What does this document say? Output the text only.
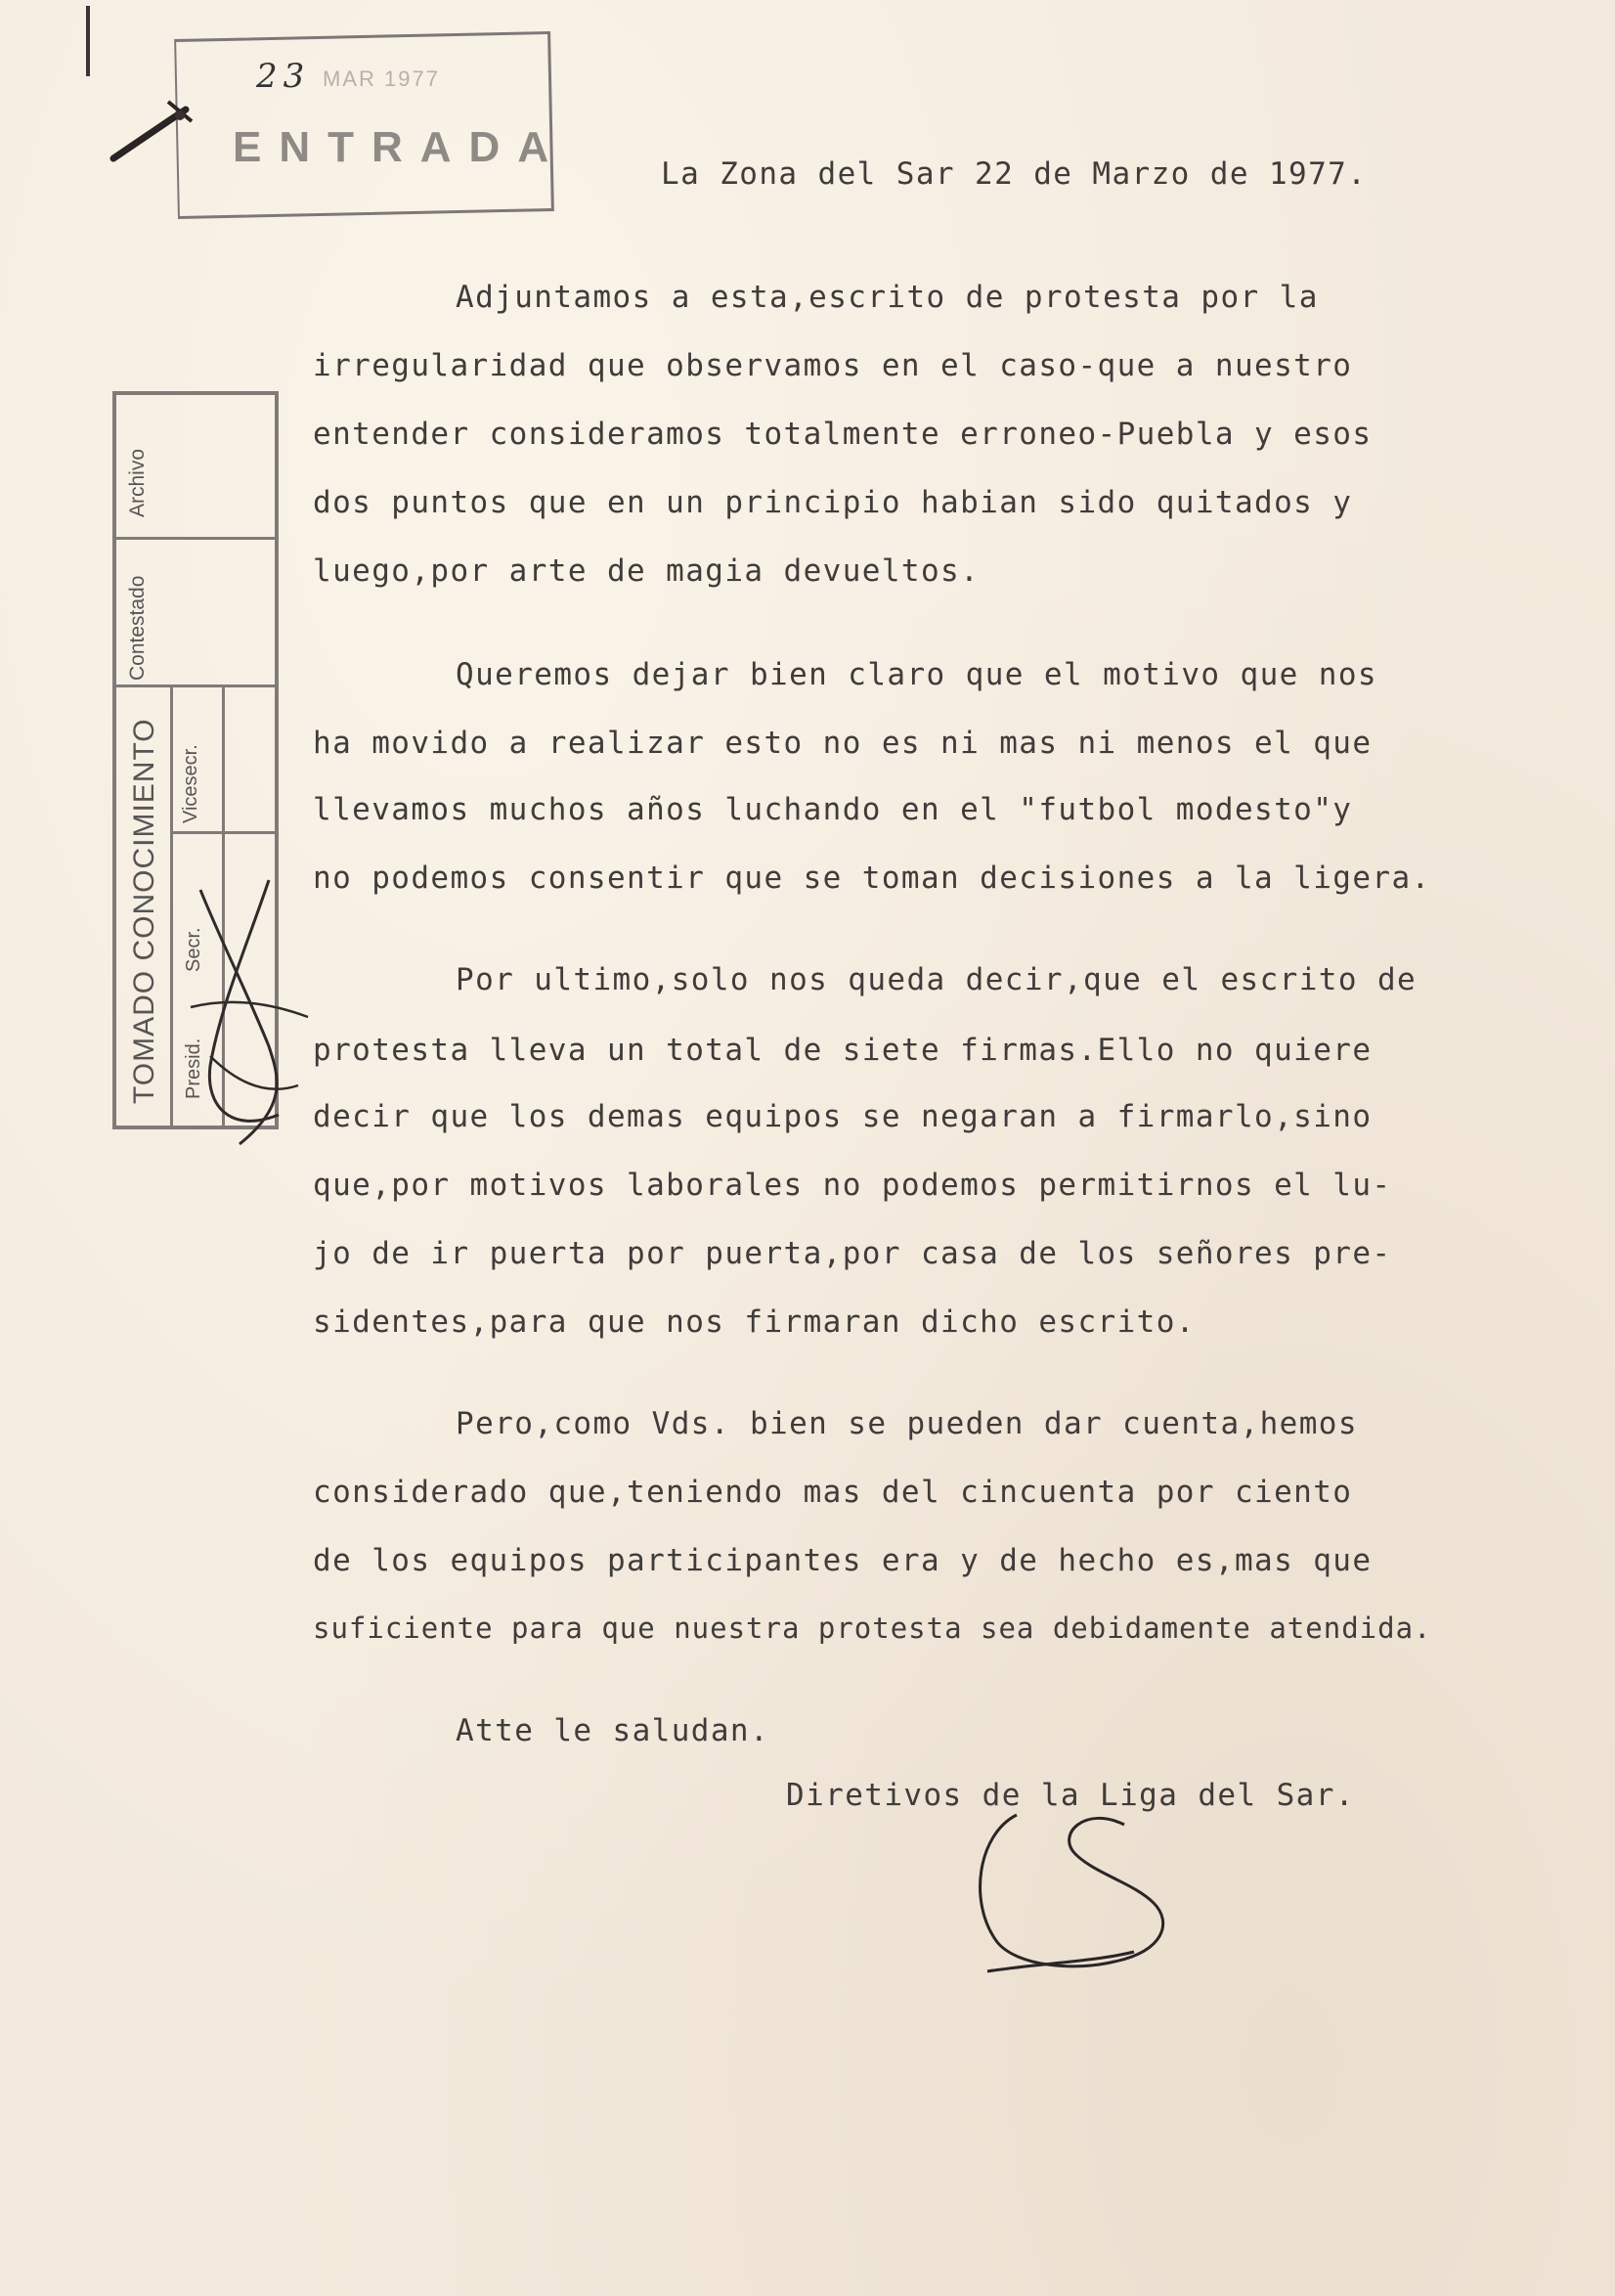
23 MAR 1977
ENTRADA
Archivo
Contestado
TOMADO CONOCIMIENTO Vicesecr.
Secr.
Presid.
La Zona del Sar 22 de Marzo de 1977.
Adjuntamos a esta,escrito de protesta por la
irregularidad que observamos en el caso-que a nuestro
entender consideramos totalmente erroneo-Puebla y esos
dos puntos que en un principio habian sido quitados y
luego,por arte de magia devueltos.
Queremos dejar bien claro que el motivo que nos
ha movido a realizar esto no es ni mas ni menos el que
llevamos muchos años luchando en el "futbol modesto"y
no podemos consentir que se toman decisiones a la ligera.
Por ultimo,solo nos queda decir,que el escrito de
protesta lleva un total de siete firmas.Ello no quiere
decir que los demas equipos se negaran a firmarlo,sino
que,por motivos laborales no podemos permitirnos el lu-
jo de ir puerta por puerta,por casa de los señores pre-
sidentes,para que nos firmaran dicho escrito.
Pero,como Vds. bien se pueden dar cuenta,hemos
considerado que,teniendo mas del cincuenta por ciento
de los equipos participantes era y de hecho es,mas que
suficiente para que nuestra protesta sea debidamente atendida.
Atte le saludan.
Diretivos de la Liga del Sar.
